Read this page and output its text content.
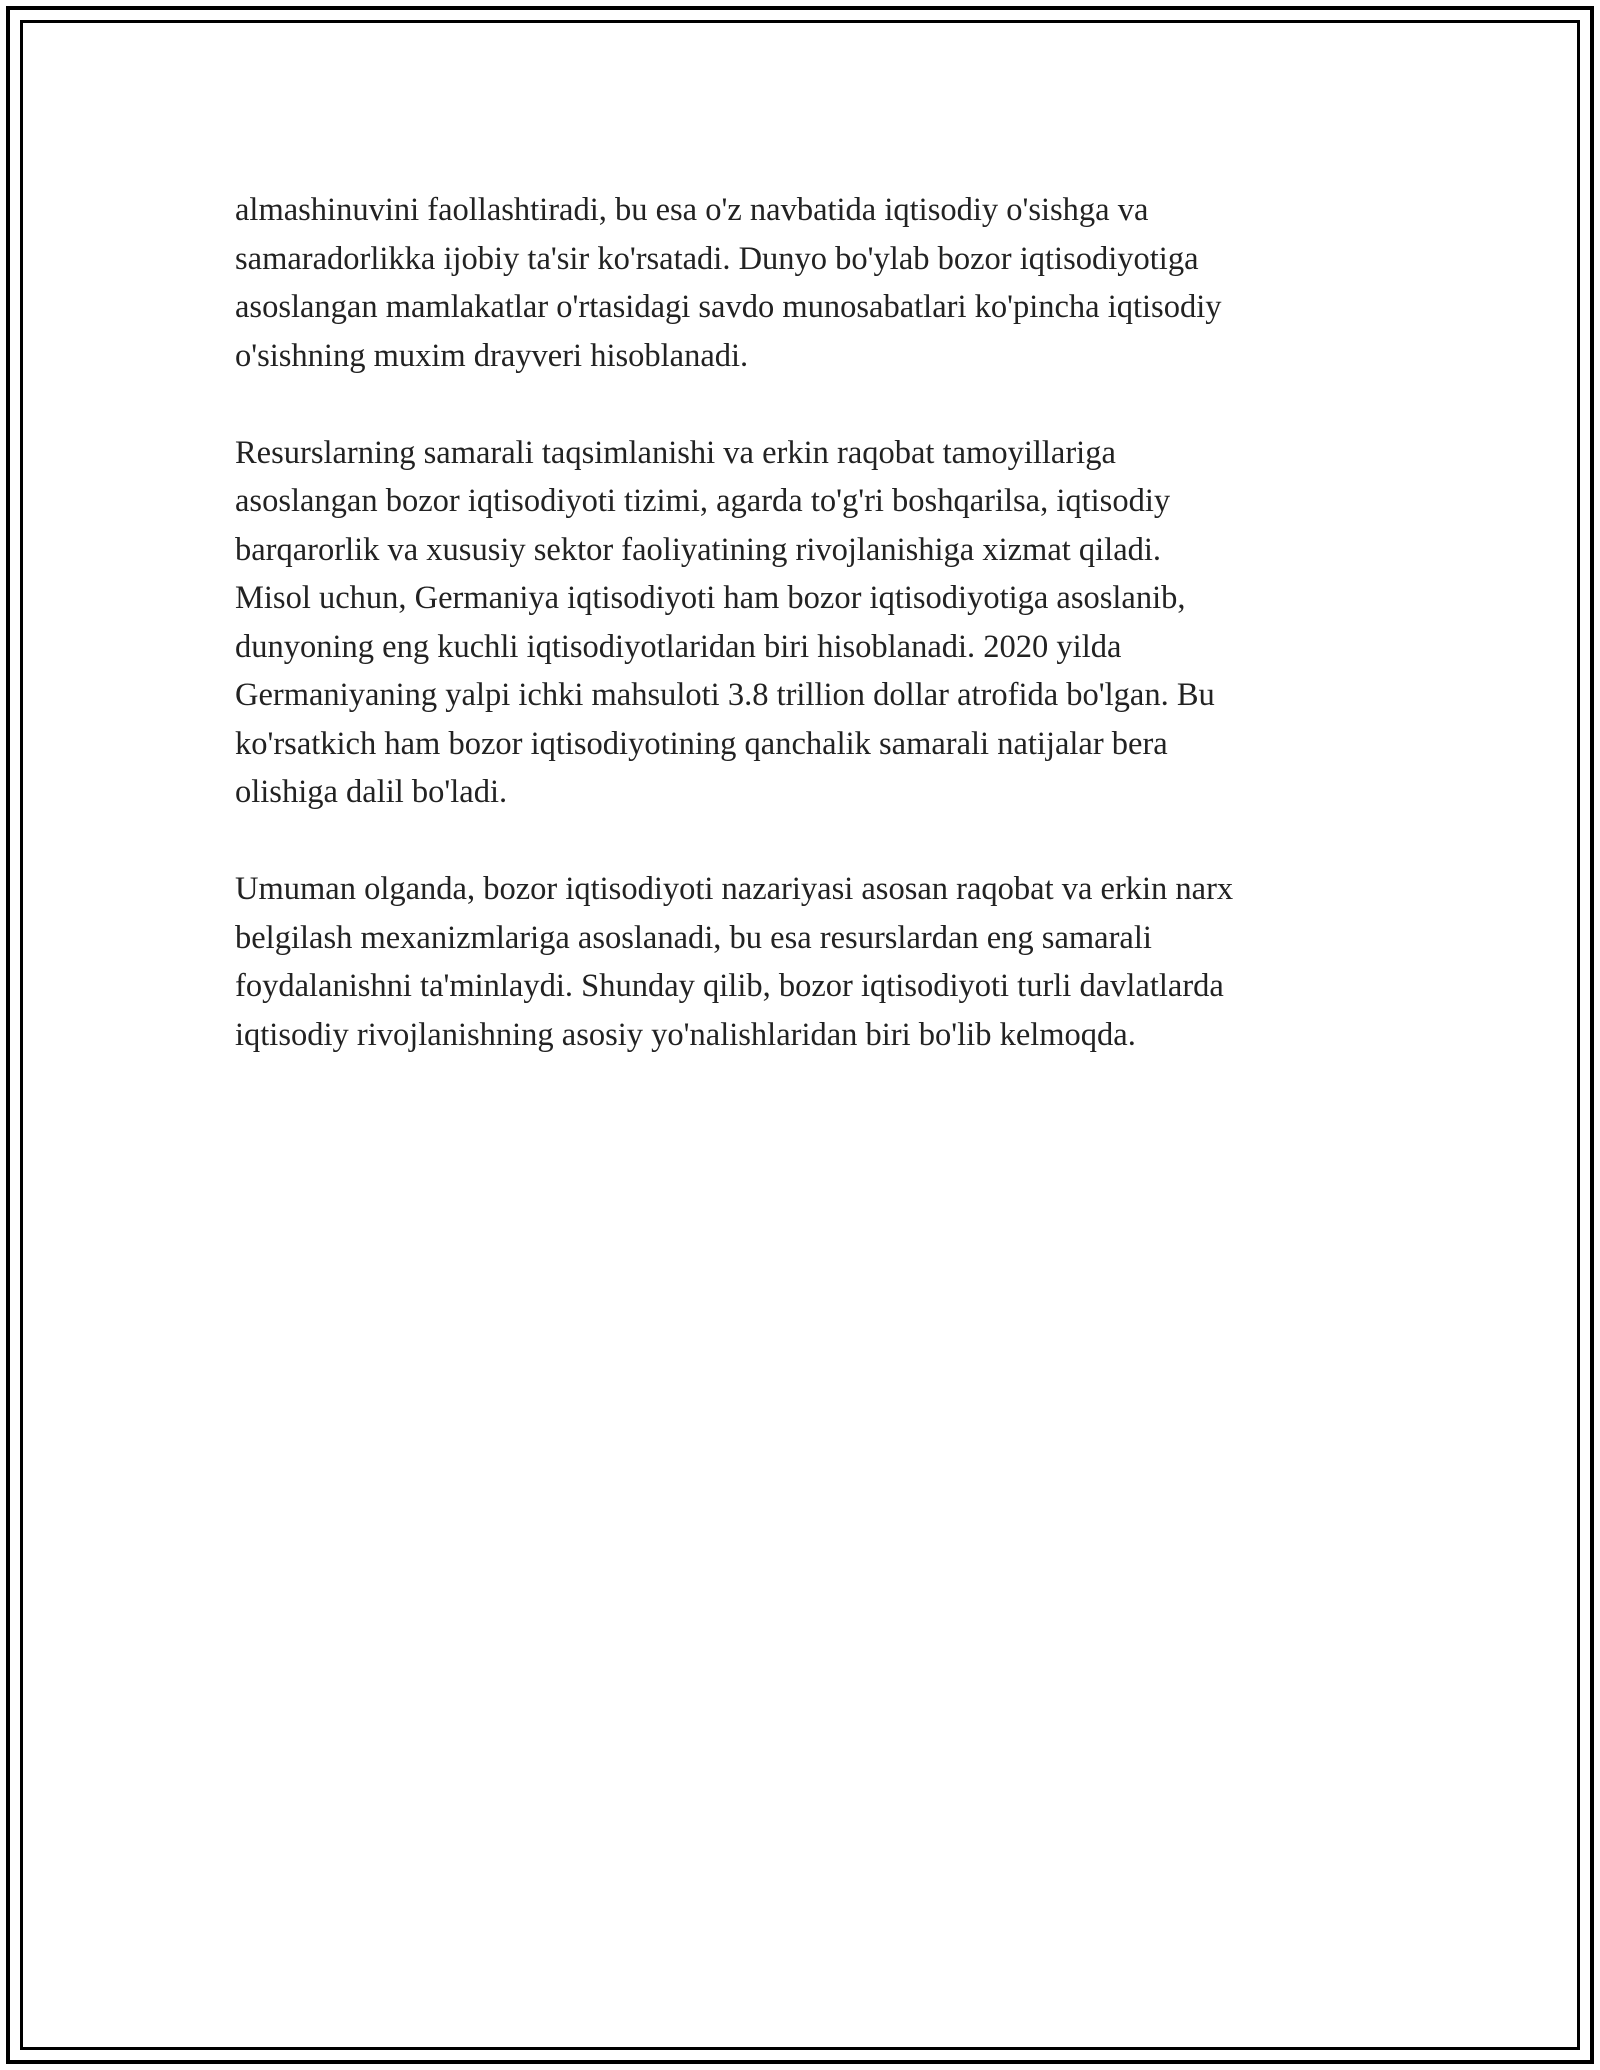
almashinuvini faollashtiradi, bu esa o'z navbatida iqtisodiy o'sishga va
samaradorlikka ijobiy ta'sir ko'rsatadi. Dunyo bo'ylab bozor iqtisodiyotiga
asoslangan mamlakatlar o'rtasidagi savdo munosabatlari ko'pincha iqtisodiy
o'sishning muxim drayveri hisoblanadi.

Resurslarning samarali taqsimlanishi va erkin raqobat tamoyillariga
asoslangan bozor iqtisodiyoti tizimi, agarda to'g'ri boshqarilsa, iqtisodiy
barqarorlik va xususiy sektor faoliyatining rivojlanishiga xizmat qiladi.
Misol uchun, Germaniya iqtisodiyoti ham bozor iqtisodiyotiga asoslanib,
dunyoning eng kuchli iqtisodiyotlaridan biri hisoblanadi. 2020 yilda
Germaniyaning yalpi ichki mahsuloti 3.8 trillion dollar atrofida bo'lgan. Bu
ko'rsatkich ham bozor iqtisodiyotining qanchalik samarali natijalar bera
olishiga dalil bo'ladi.

Umuman olganda, bozor iqtisodiyoti nazariyasi asosan raqobat va erkin narx
belgilash mexanizmlariga asoslanadi, bu esa resurslardan eng samarali
foydalanishni ta'minlaydi. Shunday qilib, bozor iqtisodiyoti turli davlatlarda
iqtisodiy rivojlanishning asosiy yo'nalishlaridan biri bo'lib kelmoqda.
